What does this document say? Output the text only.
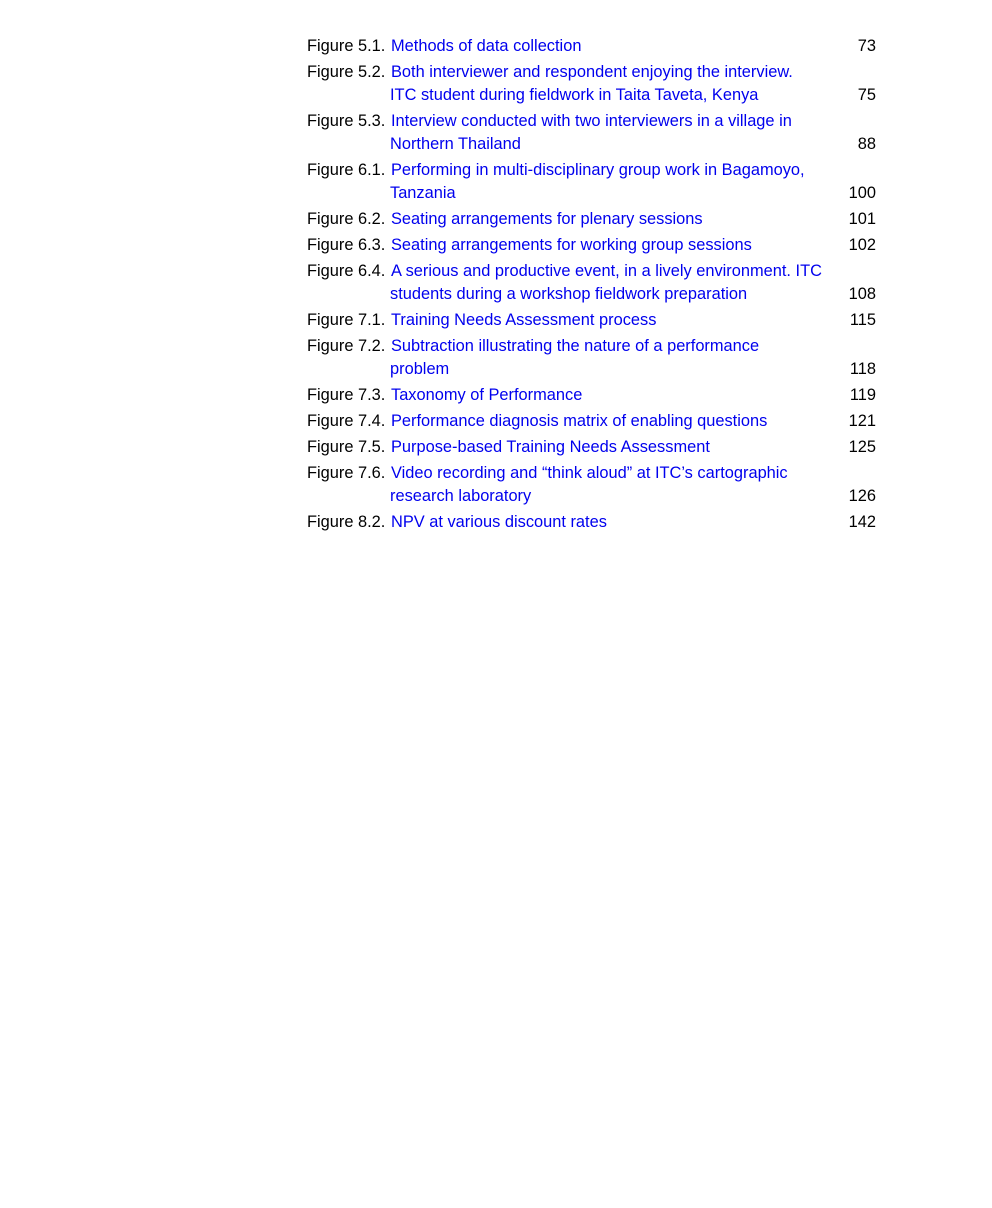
Figure 5.1. Methods of data collection	73
Figure 5.2. Both interviewer and respondent enjoying the interview.
ITC student during fieldwork in Taita Taveta, Kenya	75
Figure 5.3. Interview conducted with two interviewers in a village in
Northern Thailand	88
Figure 6.1. Performing in multi-disciplinary group work in Bagamoyo,
Tanzania	100
Figure 6.2. Seating arrangements for plenary sessions	101
Figure 6.3. Seating arrangements for working group sessions	102
Figure 6.4. A serious and productive event, in a lively environment. ITC
students during a workshop fieldwork preparation	108
Figure 7.1. Training Needs Assessment process	115
Figure 7.2. Subtraction illustrating the nature of a performance
problem	118
Figure 7.3. Taxonomy of Performance	119
Figure 7.4. Performance diagnosis matrix of enabling questions	121
Figure 7.5. Purpose-based Training Needs Assessment	125
Figure 7.6. Video recording and “think aloud” at ITC’s cartographic
research laboratory	126
Figure 8.2. NPV at various discount rates	142
